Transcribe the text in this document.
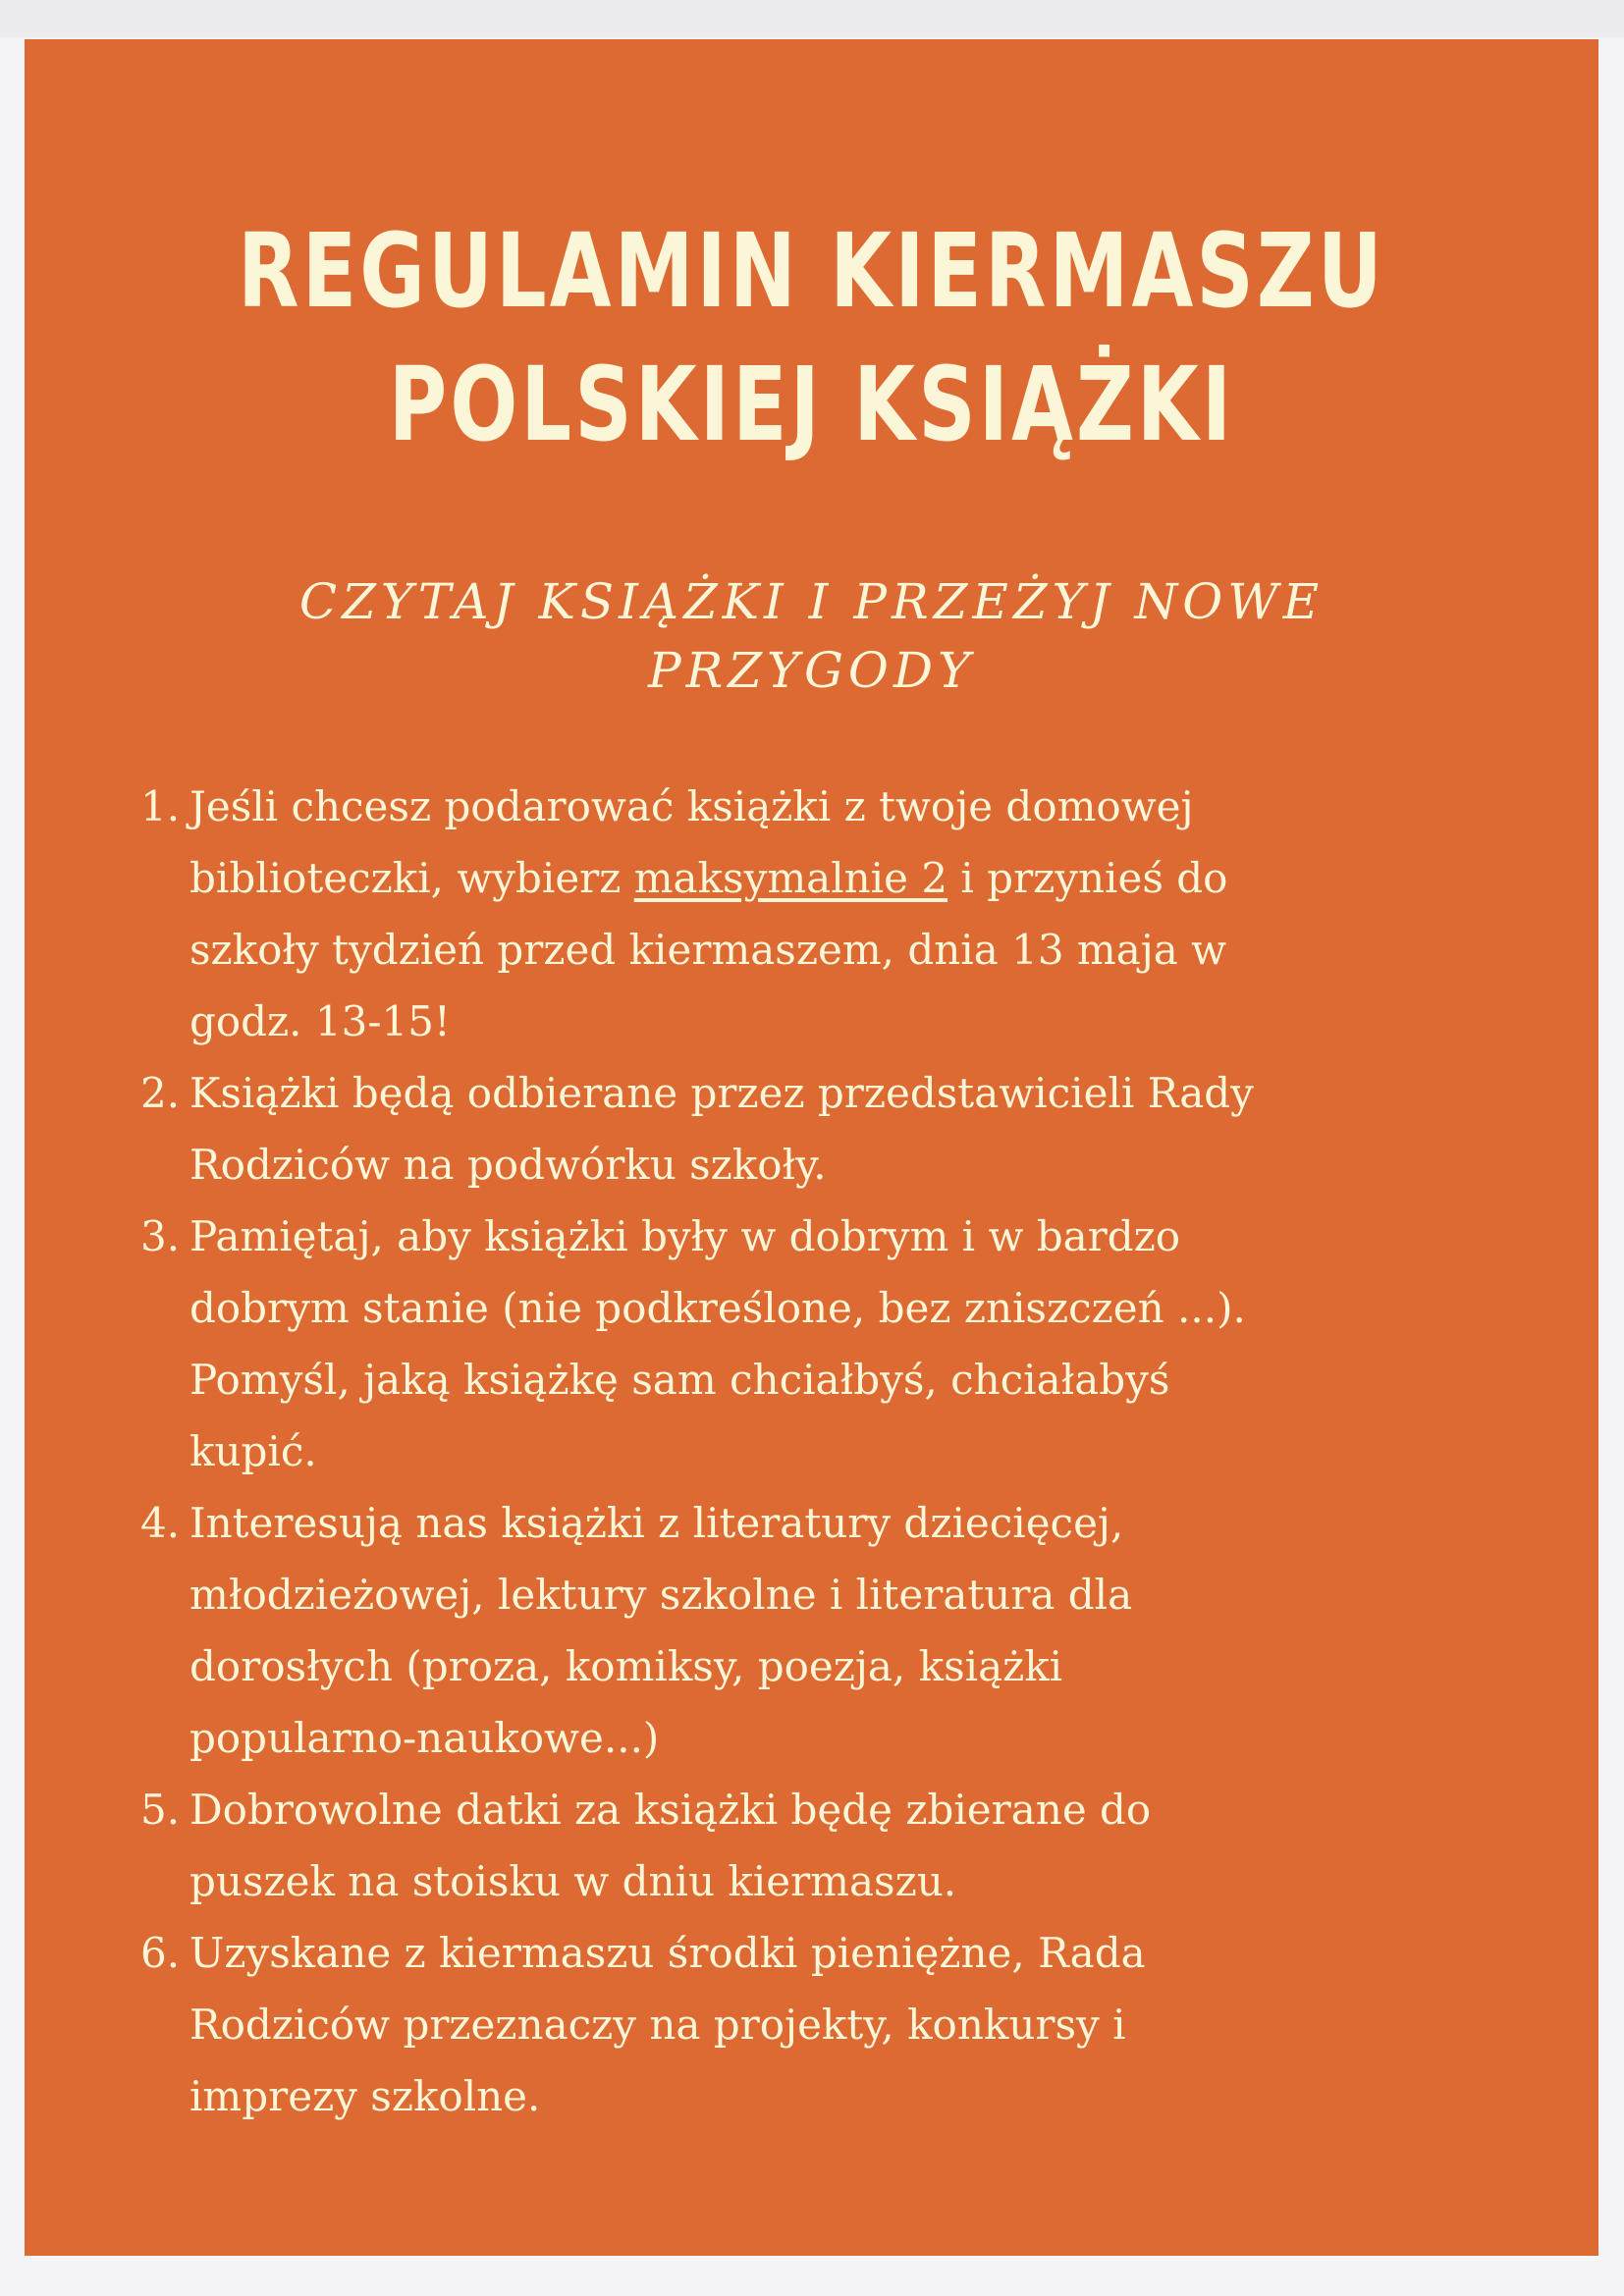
REGULAMIN KIERMASZU
POLSKIEJ KSIĄŻKI
CZYTAJ KSIĄŻKI I PRZEŻYJ NOWE
PRZYGODY
1. Jeśli chcesz podarować książki z twoje domowej
biblioteczki, wybierz maksymalnie 2 i przynieś do
szkoły tydzień przed kiermaszem, dnia 13 maja w
godz. 13-15!
2. Książki będą odbierane przez przedstawicieli Rady
Rodziców na podwórku szkoły.
3. Pamiętaj, aby książki były w dobrym i w bardzo
dobrym stanie (nie podkreślone, bez zniszczeń ...).
Pomyśl, jaką książkę sam chciałbyś, chciałabyś
kupić.
4. Interesują nas książki z literatury dziecięcej,
młodzieżowej, lektury szkolne i literatura dla
dorosłych (proza, komiksy, poezja, książki
popularno-naukowe...)
5. Dobrowolne datki za książki będę zbierane do
puszek na stoisku w dniu kiermaszu.
6. Uzyskane z kiermaszu środki pieniężne, Rada
Rodziców przeznaczy na projekty, konkursy i
imprezy szkolne.
